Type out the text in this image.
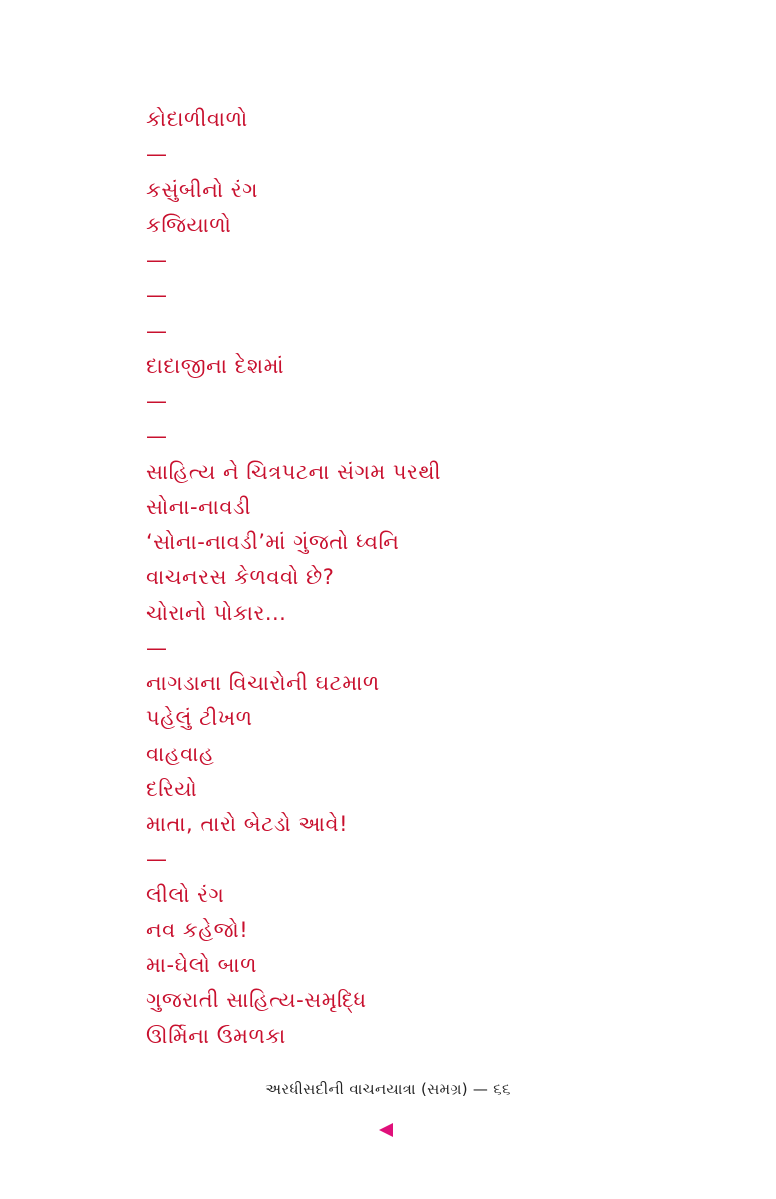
કોદાળીવાળો
—
કસુંબીનો રંગ
કજિયાળો
—
—
—
દાદાજીના દેશમાં
—
—
સાહિત્ય ને ચિત્રપટના સંગમ પરથી
સોના-નાવડી
‘સોના-નાવડી’માં ગુંજતો ધ્વનિ
વાચનરસ કેળવવો છે?
ચોરાનો પોકાર...
—
નાગડાના વિચારોની ઘટમાળ
પહેલું ટીખળ
વાહવાહ
દરિયો
માતા, તારો બેટડો આવે!
—
લીલો રંગ
નવ કહેજો!
મા-ઘેલો બાળ
ગુજરાતી સાહિત્ય-સમૃદ્ધિ
ઊર્મિના ઉમળકા
અરધીસદીની વાચનયાત્રા (સમગ્ર) — ૬૬
